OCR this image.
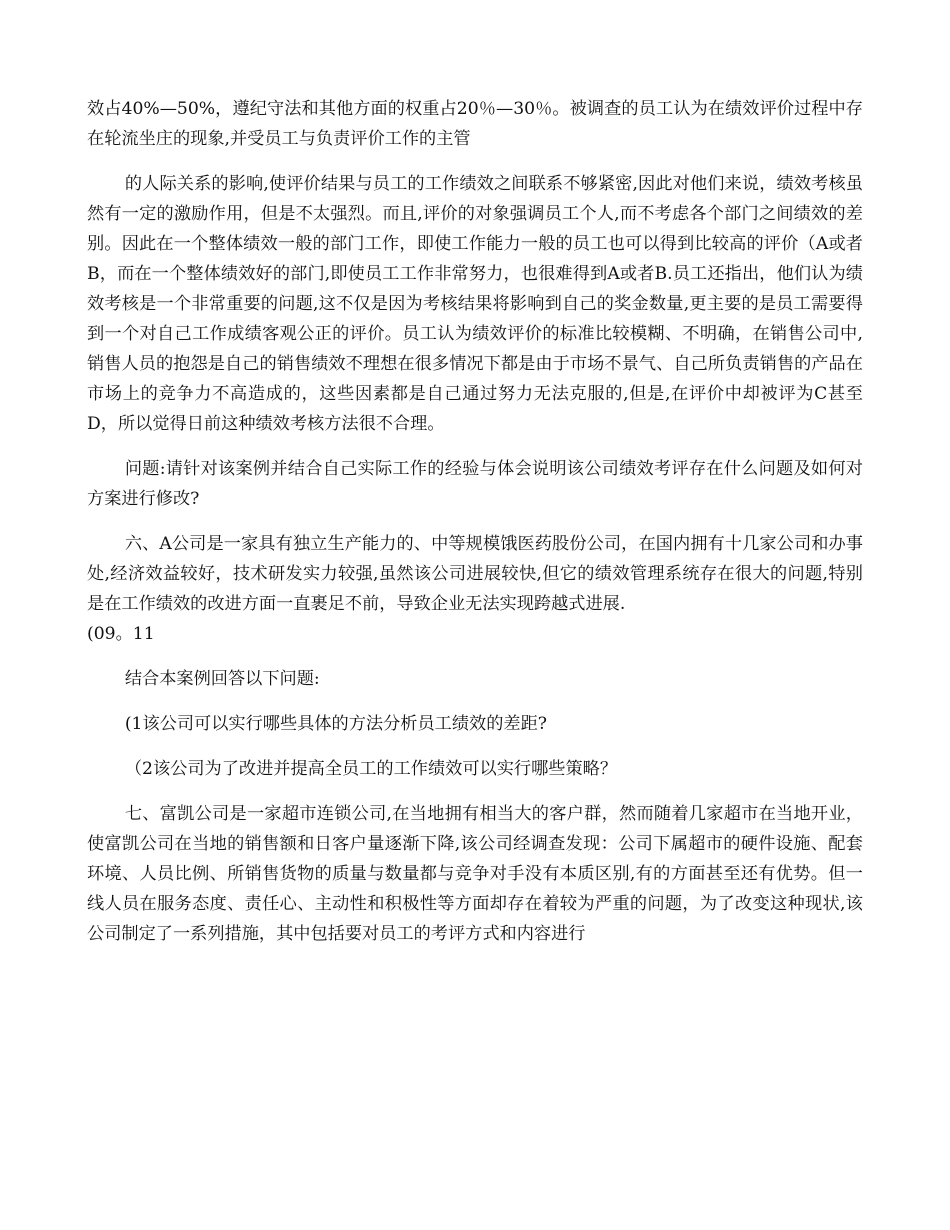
效占40%—50%，遵纪守法和其他方面的权重占20％—30％。被调查的员工认为在绩效评价过程中存在轮流坐庄的现象,并受员工与负责评价工作的主管

的人际关系的影响,使评价结果与员工的工作绩效之间联系不够紧密,因此对他们来说，绩效考核虽然有一定的激励作用，但是不太强烈。而且,评价的对象强调员工个人,而不考虑各个部门之间绩效的差别。因此在一个整体绩效一般的部门工作，即使工作能力一般的员工也可以得到比较高的评价（A或者B，而在一个整体绩效好的部门,即使员工工作非常努力，也很难得到A或者B.员工还指出，他们认为绩效考核是一个非常重要的问题,这不仅是因为考核结果将影响到自己的奖金数量,更主要的是员工需要得到一个对自己工作成绩客观公正的评价。员工认为绩效评价的标准比较模糊、不明确，在销售公司中,销售人员的抱怨是自己的销售绩效不理想在很多情况下都是由于市场不景气、自己所负责销售的产品在市场上的竞争力不高造成的，这些因素都是自己通过努力无法克服的,但是,在评价中却被评为C甚至D，所以觉得日前这种绩效考核方法很不合理。

问题:请针对该案例并结合自己实际工作的经验与体会说明该公司绩效考评存在什么问题及如何对方案进行修改?

六、A公司是一家具有独立生产能力的、中等规模饿医药股份公司，在国内拥有十几家公司和办事处,经济效益较好，技术研发实力较强,虽然该公司进展较快,但它的绩效管理系统存在很大的问题,特别是在工作绩效的改进方面一直裹足不前，导致企业无法实现跨越式进展.

(09。11

结合本案例回答以下问题:

(1该公司可以实行哪些具体的方法分析员工绩效的差距?

（2该公司为了改进并提高全员工的工作绩效可以实行哪些策略？

七、富凯公司是一家超市连锁公司,在当地拥有相当大的客户群，然而随着几家超市在当地开业，使富凯公司在当地的销售额和日客户量逐渐下降,该公司经调查发现：公司下属超市的硬件设施、配套环境、人员比例、所销售货物的质量与数量都与竞争对手没有本质区别,有的方面甚至还有优势。但一线人员在服务态度、责任心、主动性和积极性等方面却存在着较为严重的问题，为了改变这种现状,该公司制定了一系列措施，其中包括要对员工的考评方式和内容进行
